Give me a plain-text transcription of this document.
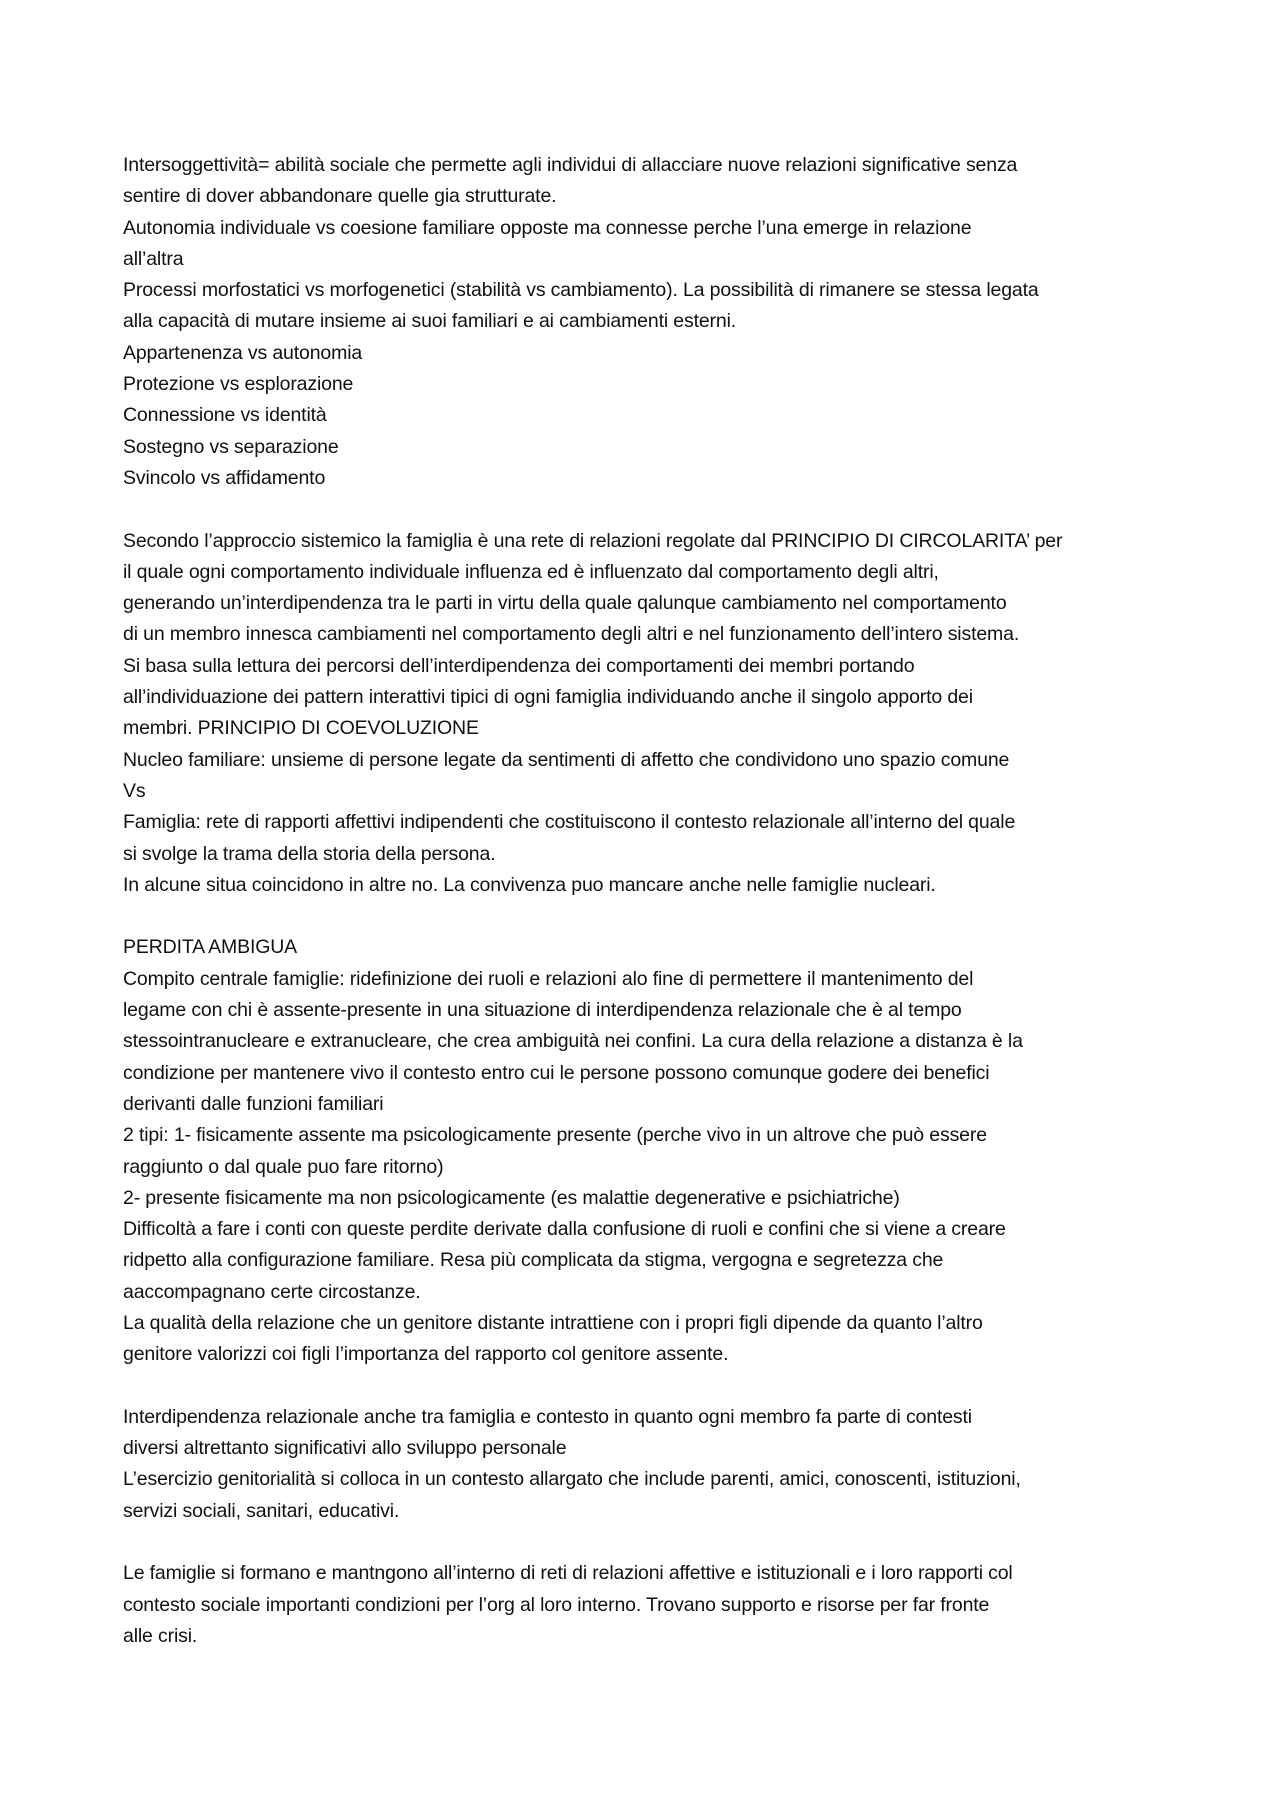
Intersoggettività= abilità sociale che permette agli individui di allacciare nuove relazioni significative senza
sentire di dover abbandonare quelle gia strutturate.
Autonomia individuale vs coesione familiare opposte ma connesse perche l’una emerge in relazione
all’altra
Processi morfostatici vs morfogenetici (stabilità vs cambiamento). La possibilità di rimanere se stessa legata
alla capacità di mutare insieme ai suoi familiari e ai cambiamenti esterni.
Appartenenza vs autonomia
Protezione vs esplorazione
Connessione vs identità
Sostegno vs separazione
Svincolo vs affidamento
Secondo l’approccio sistemico la famiglia è una rete di relazioni regolate dal PRINCIPIO DI CIRCOLARITA’ per
il quale ogni comportamento individuale influenza ed è influenzato dal comportamento degli altri,
generando un’interdipendenza tra le parti in virtu della quale qalunque cambiamento nel comportamento
di un membro innesca cambiamenti nel comportamento degli altri e nel funzionamento dell’intero sistema.
Si basa sulla lettura dei percorsi dell’interdipendenza dei comportamenti dei membri portando
all’individuazione dei pattern interattivi tipici di ogni famiglia individuando anche il singolo apporto dei
membri. PRINCIPIO DI COEVOLUZIONE
Nucleo familiare: unsieme di persone legate da sentimenti di affetto che condividono uno spazio comune
Vs
Famiglia: rete di rapporti affettivi indipendenti che costituiscono il contesto relazionale all’interno del quale
si svolge la trama della storia della persona.
In alcune situa coincidono in altre no. La convivenza puo mancare anche nelle famiglie nucleari.
PERDITA AMBIGUA
Compito centrale famiglie: ridefinizione dei ruoli e relazioni alo fine di permettere il mantenimento del
legame con chi è assente-presente in una situazione di interdipendenza relazionale che è al tempo
stessointranucleare e extranucleare, che crea ambiguità nei confini. La cura della relazione a distanza è la
condizione per mantenere vivo il contesto entro cui le persone possono comunque godere dei benefici
derivanti dalle funzioni familiari
2 tipi: 1- fisicamente assente ma psicologicamente presente (perche vivo in un altrove che può essere
raggiunto o dal quale puo fare ritorno)
2- presente fisicamente ma non psicologicamente (es malattie degenerative e psichiatriche)
Difficoltà a fare i conti con queste perdite derivate dalla confusione di ruoli e confini che si viene a creare
ridpetto alla configurazione familiare. Resa più complicata da stigma, vergogna e segretezza che
aaccompagnano certe circostanze.
La qualità della relazione che un genitore distante intrattiene con i propri figli dipende da quanto l’altro
genitore valorizzi coi figli l’importanza del rapporto col genitore assente.
Interdipendenza relazionale anche tra famiglia e contesto in quanto ogni membro fa parte di contesti
diversi altrettanto significativi allo sviluppo personale
L’esercizio genitorialità si colloca in un contesto allargato che include parenti, amici, conoscenti, istituzioni,
servizi sociali, sanitari, educativi.
Le famiglie si formano e mantngono all’interno di reti di relazioni affettive e istituzionali e i loro rapporti col
contesto sociale importanti condizioni per l’org al loro interno. Trovano supporto e risorse per far fronte
alle crisi.
